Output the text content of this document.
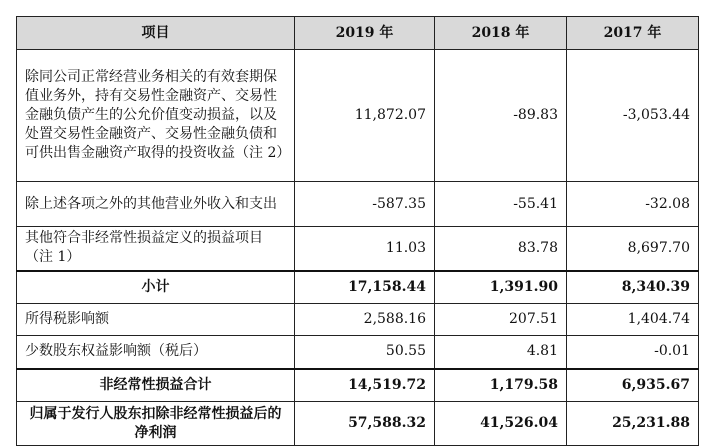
项目	2019 年	2018 年	2017 年
除同公司正常经营业务相关的有效套期保值业务外，持有交易性金融资产、交易性金融负债产生的公允价值变动损益，以及处置交易性金融资产、交易性金融负债和可供出售金融资产取得的投资收益（注 2）	11,872.07	-89.83	-3,053.44
除上述各项之外的其他营业外收入和支出	-587.35	-55.41	-32.08
其他符合非经常性损益定义的损益项目（注 1）	11.03	83.78	8,697.70
小计	17,158.44	1,391.90	8,340.39
所得税影响额	2,588.16	207.51	1,404.74
少数股东权益影响额（税后）	50.55	4.81	-0.01
非经常性损益合计	14,519.72	1,179.58	6,935.67
归属于发行人股东扣除非经常性损益后的净利润	57,588.32	41,526.04	25,231.88
